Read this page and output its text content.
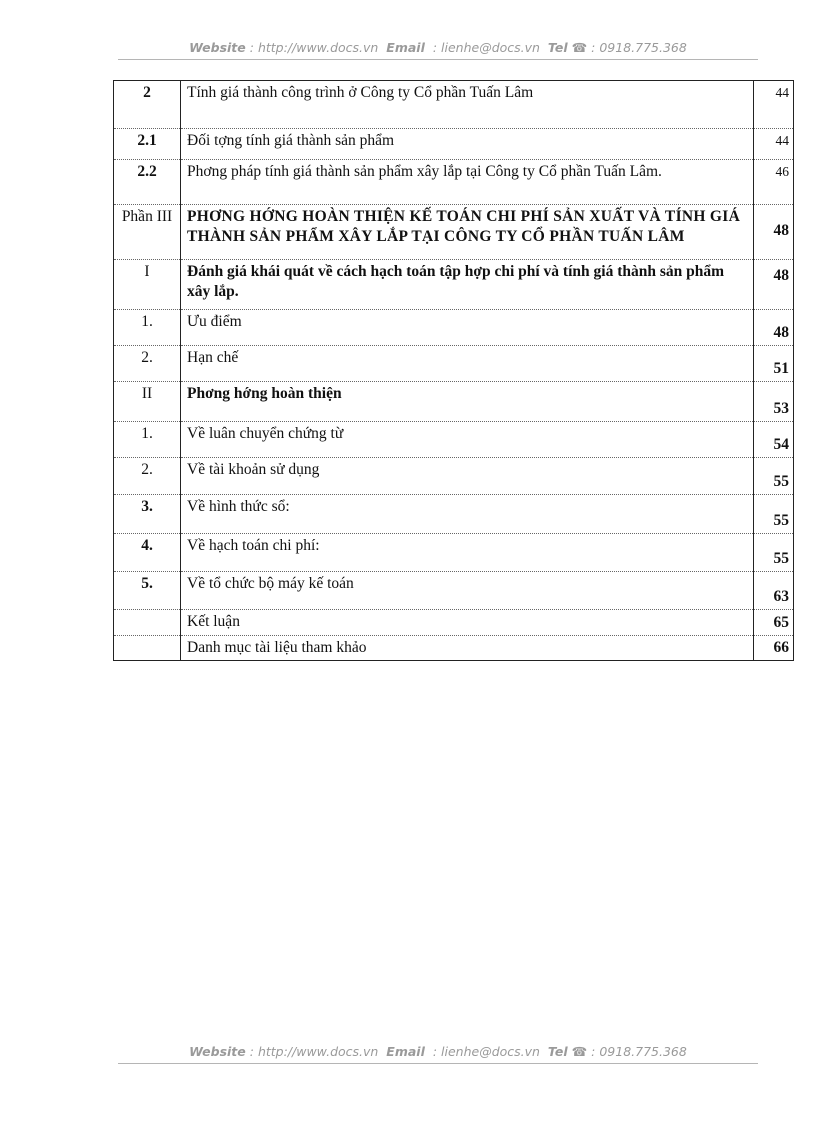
Website : http://www.docs.vn Email  : lienhe@docs.vn Tel ☎ : 0918.775.368
2	Tính giá thành công trình ở Công ty Cổ phần Tuấn Lâm	44
2.1	Đối tợng tính giá thành sản phẩm	44
2.2	Phơng pháp tính giá thành sản phẩm xây lắp tại Công ty Cổ phần Tuấn Lâm.	46
Phần III	PHƠNG HỚNG HOÀN THIỆN KẾ TOÁN CHI PHÍ SẢN XUẤT VÀ TÍNH GIÁ THÀNH SẢN PHẨM XÂY LẮP TẠI CÔNG TY CỔ PHẦN TUẤN LÂM	48
I	Đánh giá khái quát về cách hạch toán tập hợp chi phí và tính giá thành sản phẩm xây lắp.	48
1.	Ưu điểm	48
2.	Hạn chế	51
II	Phơng hớng hoàn thiện	53
1.	Về luân chuyển chứng từ	54
2.	Về tài khoản sử dụng	55
3.	Về hình thức sổ:	55
4.	Về hạch toán chi phí:	55
5.	Về tổ chức bộ máy kế toán	63
	Kết luận	65
	Danh mục tài liệu tham khảo	66
Website : http://www.docs.vn Email  : lienhe@docs.vn Tel ☎ : 0918.775.368
